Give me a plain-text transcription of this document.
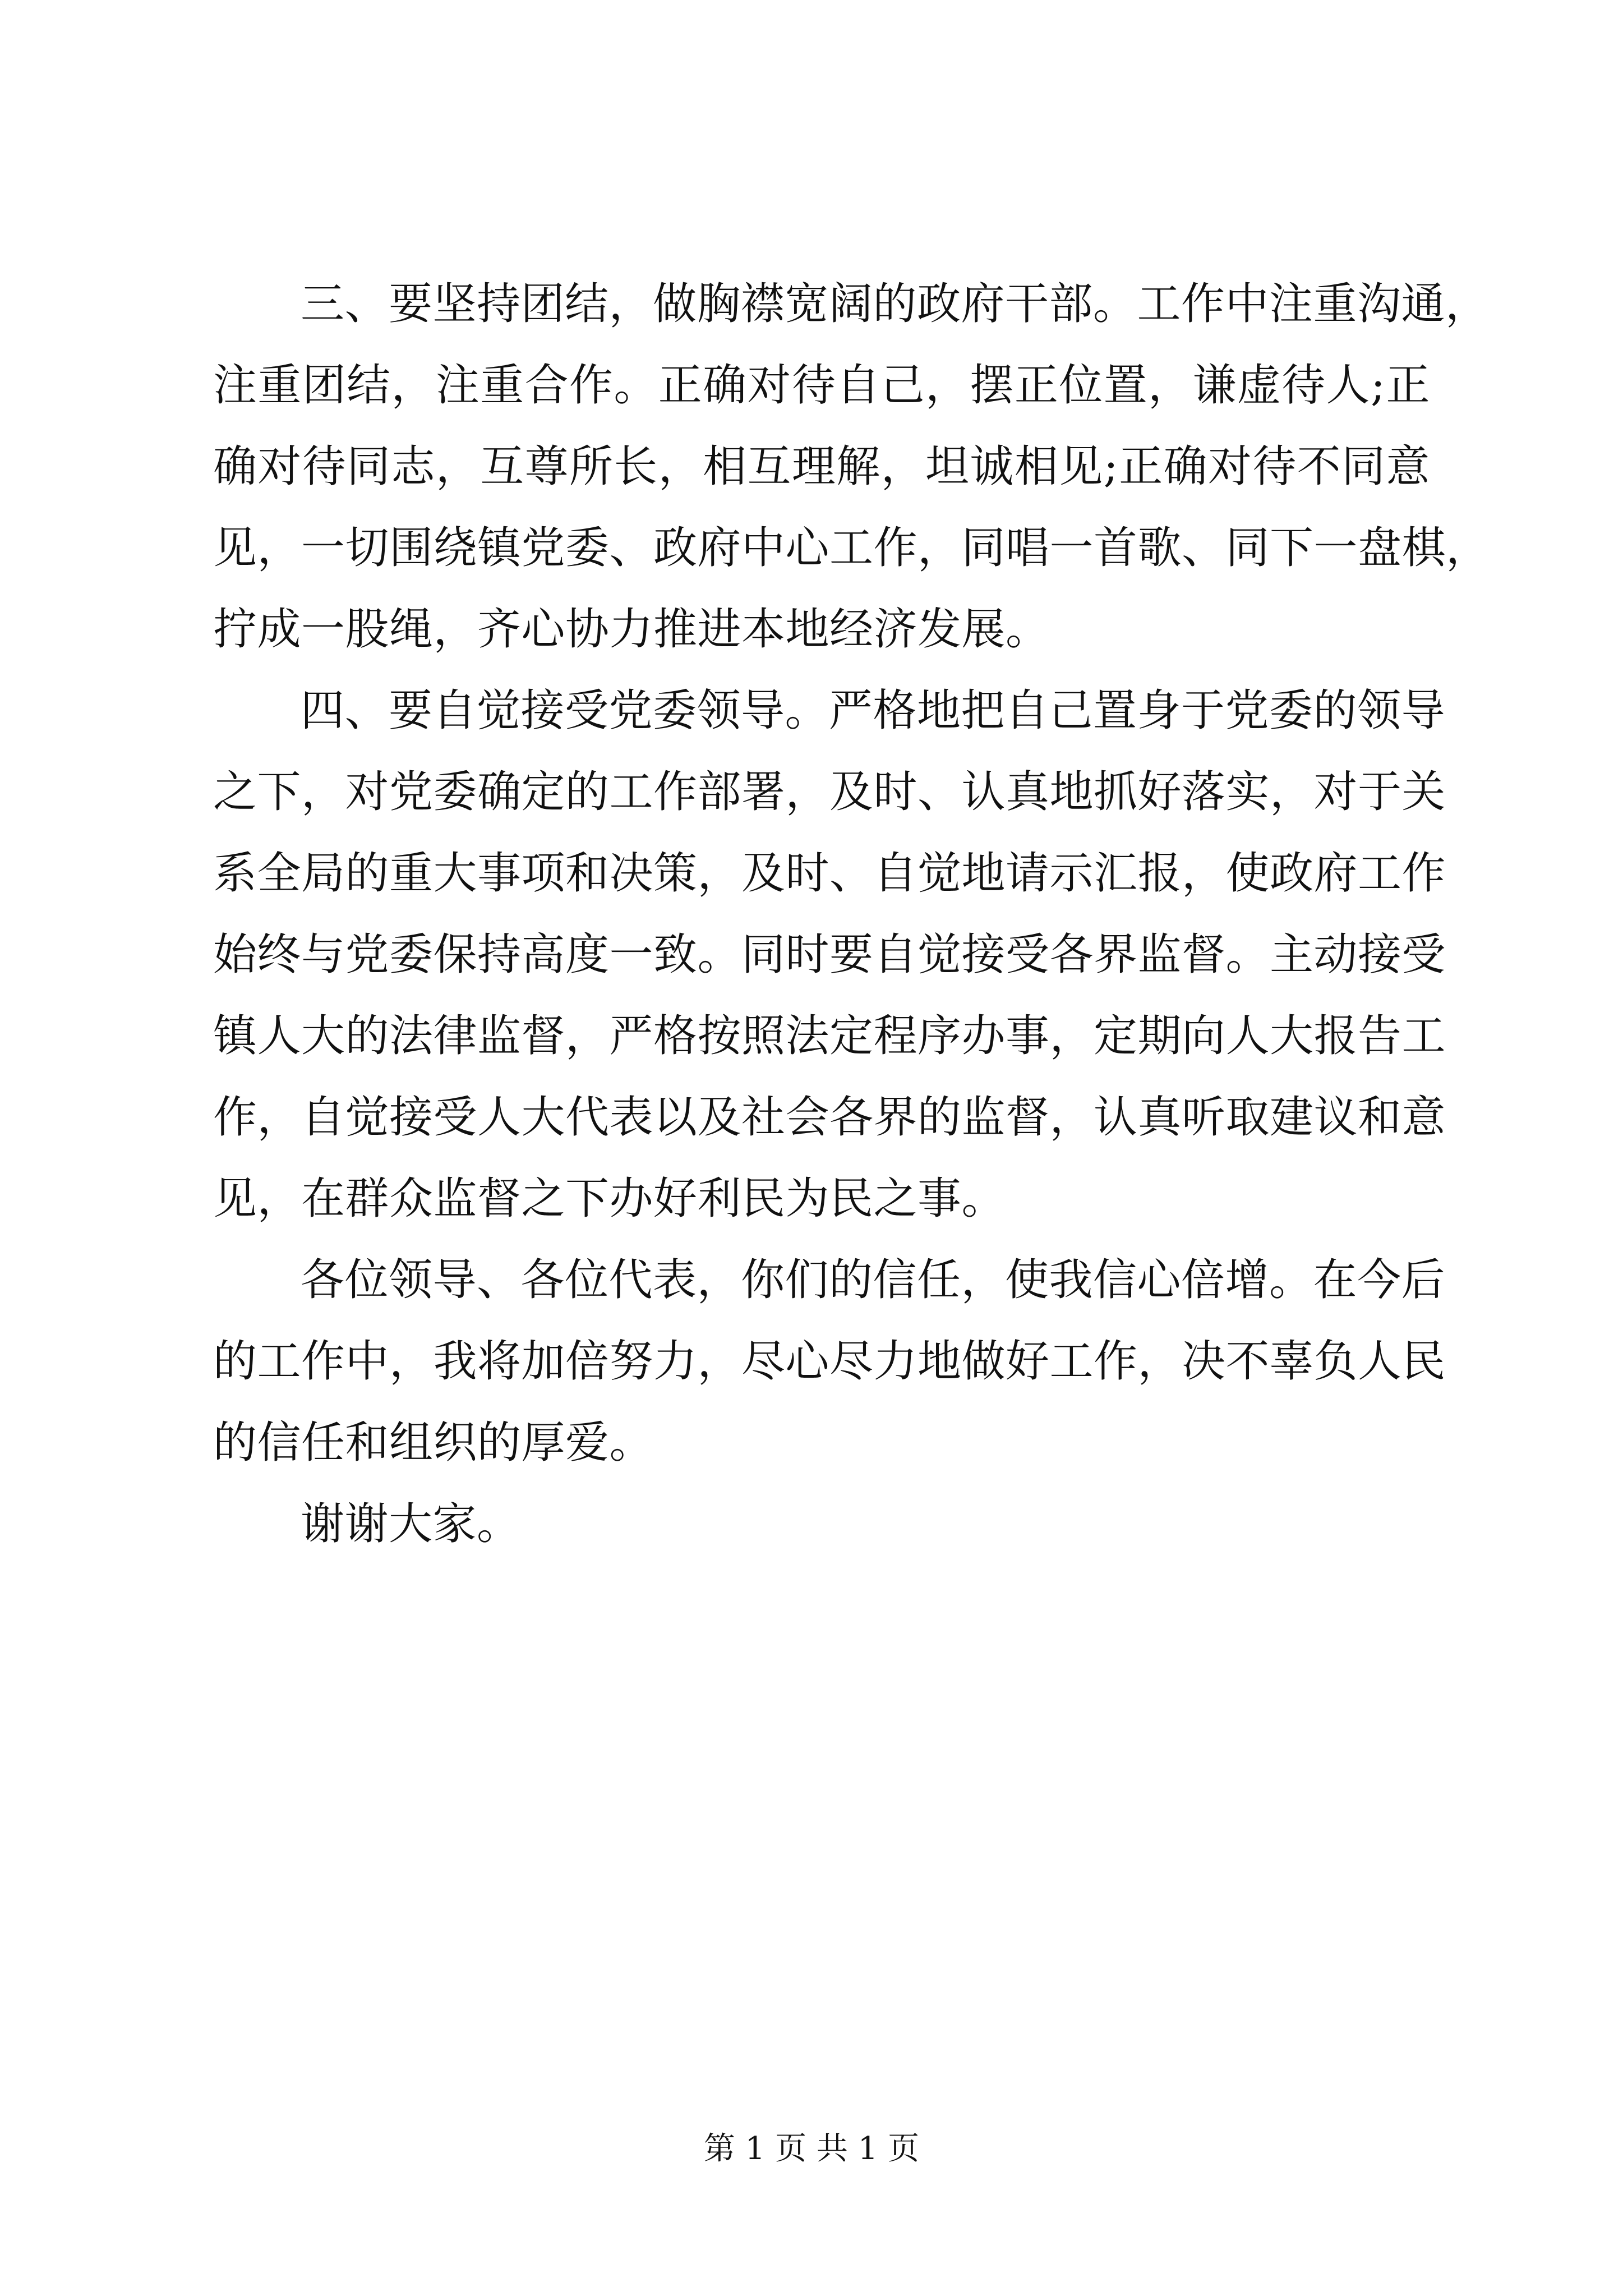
三、要坚持团结，做胸襟宽阔的政府干部。工作中注重沟通，
注重团结，注重合作。正确对待自己，摆正位置，谦虚待人;正
确对待同志，互尊所长，相互理解，坦诚相见;正确对待不同意
见，一切围绕镇党委、政府中心工作，同唱一首歌、同下一盘棋，
拧成一股绳，齐心协力推进本地经济发展。
四、要自觉接受党委领导。严格地把自己置身于党委的领导
之下，对党委确定的工作部署，及时、认真地抓好落实，对于关
系全局的重大事项和决策，及时、自觉地请示汇报，使政府工作
始终与党委保持高度一致。同时要自觉接受各界监督。主动接受
镇人大的法律监督，严格按照法定程序办事，定期向人大报告工
作，自觉接受人大代表以及社会各界的监督，认真听取建议和意
见，在群众监督之下办好利民为民之事。
各位领导、各位代表，你们的信任，使我信心倍增。在今后
的工作中，我将加倍努力，尽心尽力地做好工作，决不辜负人民
的信任和组织的厚爱。
谢谢大家。
第 1 页 共 1 页
